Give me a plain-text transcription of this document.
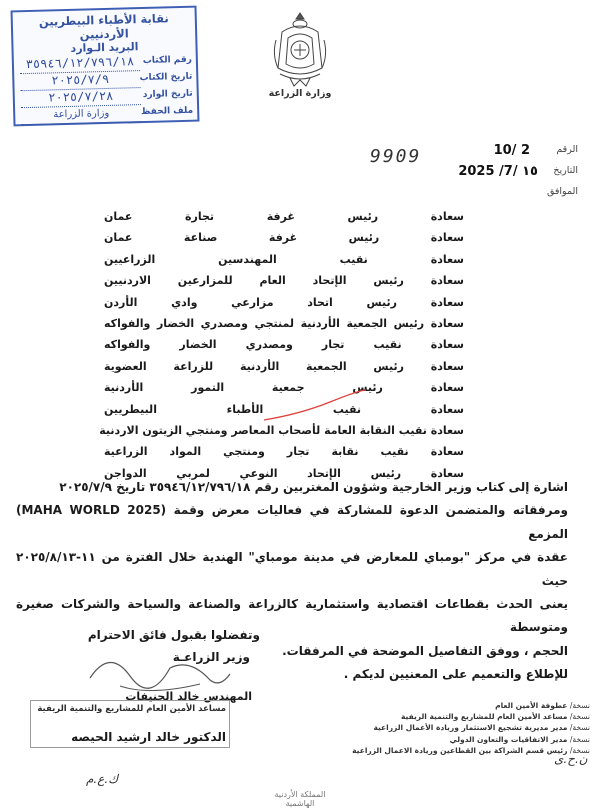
نقابة الأطباء البيطريين الأردنيين
البريد الـوارد
رقم الكتاب
٣٥٩٤٦/١٢/٧٩٦/١٨
تاريخ الكتاب
٢٠٢٥/٧/٩
تاريخ الوارد
٢٠٢٥/٧/٢٨
ملف الحفظ
وزارة الزراعة
وزارة الزراعة
9909	الرقم
10/ 2
التاريخ
2025 /7/ ١٥
الموافق
سعادة رئيس غرفة تجارة عمان
سعادة رئيس غرفة صناعة عمان
سعادة نقيب المهندسين الزراعيين
سعادة رئيس الإتحاد العام للمزارعين الاردنيين
سعادة رئيس اتحاد مزارعي وادي الأردن
سعادة رئيس الجمعية الأردنية لمنتجي ومصدري الخضار والفواكه
سعادة نقيب تجار ومصدري الخضار والفواكه
سعادة رئيس الجمعية الأردنية للزراعة العضوية
سعادة رئيس جمعية التمور الأردنية
سعادة نقيب الأطباء البيطريين
سعادة نقيب النقابة العامة لأصحاب المعاصر ومنتجي الزيتون الاردنية
سعادة نقيب نقابة تجار ومنتجي المواد الزراعية
سعادة رئيس الإتحاد النوعي لمربي الدواجن

اشارة إلى كتاب وزير الخارجية وشؤون المغتربين رقم ٣٥٩٤٦/١٢/٧٩٦/١٨ تاريخ ٢٠٢٥/٧/٩

ومرفقاته والمتضمن الدعوة للمشاركة في فعاليات معرض وقمة (MAHA WORLD 2025) المزمع

عقدة في مركز "بومباي للمعارض في مدينة مومباي" الهندية خلال الفترة من ١١-٢٠٢٥/٨/١٣ حيث

يعنى الحدث بقطاعات اقتصادية واستثمارية كالزراعة والصناعة والسياحة والشركات صغيرة ومتوسطة

الحجم ، ووفق التفاصيل الموضحة في المرفقات.

للإطلاع والتعميم على المعنيين لديكم .

وتفضلوا بقبول فائق الاحترام
وزير الزراعـة
المهندس خالد الحنيفات
مساعد الأمين العام للمشاريع والتنمية الريفية
الدكتور خالد ارشيد الحيصه
نسخة/ عطوفة الأمين العام
نسخة/ مساعد الأمين العام للمشاريع والتنمية الريفية
نسخة/ مدير مديرية تشجيع الاستثمار وريادة الأعمال الزراعية
نسخة/ مدير الاتفاقيات والتعاون الدولي
نسخة/ رئيس قسم الشراكة بين القطاعين وريادة الاعمال الزراعية
ك.ع.م
ن.ح.ى
المملكة الأردنية الهاشمية
